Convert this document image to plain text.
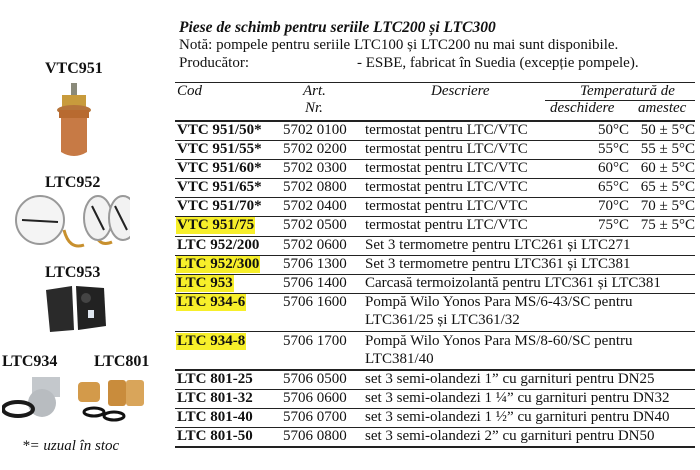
VTC951
LTC952
LTC953
LTC934 LTC801
*= uzual în stoc
Piese de schimb pentru seriile LTC200 și LTC300
Notă: pompele pentru seriile LTC100 și LTC200 nu mai sunt disponibile.
Producător:	- ESBE, fabricat în Suedia (excepție pompele).
Cod	Art.
Nr.
Descriere	Temperatură de
deschidere amestec
VTC 951/50* 5702 0100 termostat pentru LTC/VTC	50°C 50 ± 5°C
VTC 951/55* 5702 0200 termostat pentru LTC/VTC	55°C 55 ± 5°C
VTC 951/60* 5702 0300 termostat pentru LTC/VTC	60°C 60 ± 5°C
VTC 951/65* 5702 0800 termostat pentru LTC/VTC	65°C 65 ± 5°C
VTC 951/70* 5702 0400 termostat pentru LTC/VTC	70°C 70 ± 5°C
VTC 951/75 5702 0500 termostat pentru LTC/VTC	75°C 75 ± 5°C
LTC 952/200 5702 0600 Set 3 termometre pentru LTC261 și LTC271
LTC 952/300 5706 1300 Set 3 termometre pentru LTC361 și LTC381
LTC 953	5706 1400 Carcasă termoizolantă pentru LTC361 și LTC381
LTC 934-6	5706 1600 Pompă Wilo Yonos Para MS/6-43/SC pentru
LTC361/25 și LTC361/32
LTC 934-8	5706 1700 Pompă Wilo Yonos Para MS/8-60/SC pentru
LTC381/40
LTC 801-25 5706 0500 set 3 semi-olandezi 1” cu garnituri pentru DN25
LTC 801-32 5706 0600 set 3 semi-olandezi 1 ¼” cu garnituri pentru DN32
LTC 801-40 5706 0700 set 3 semi-olandezi 1 ½” cu garnituri pentru DN40
LTC 801-50 5706 0800 set 3 semi-olandezi 2” cu garnituri pentru DN50
